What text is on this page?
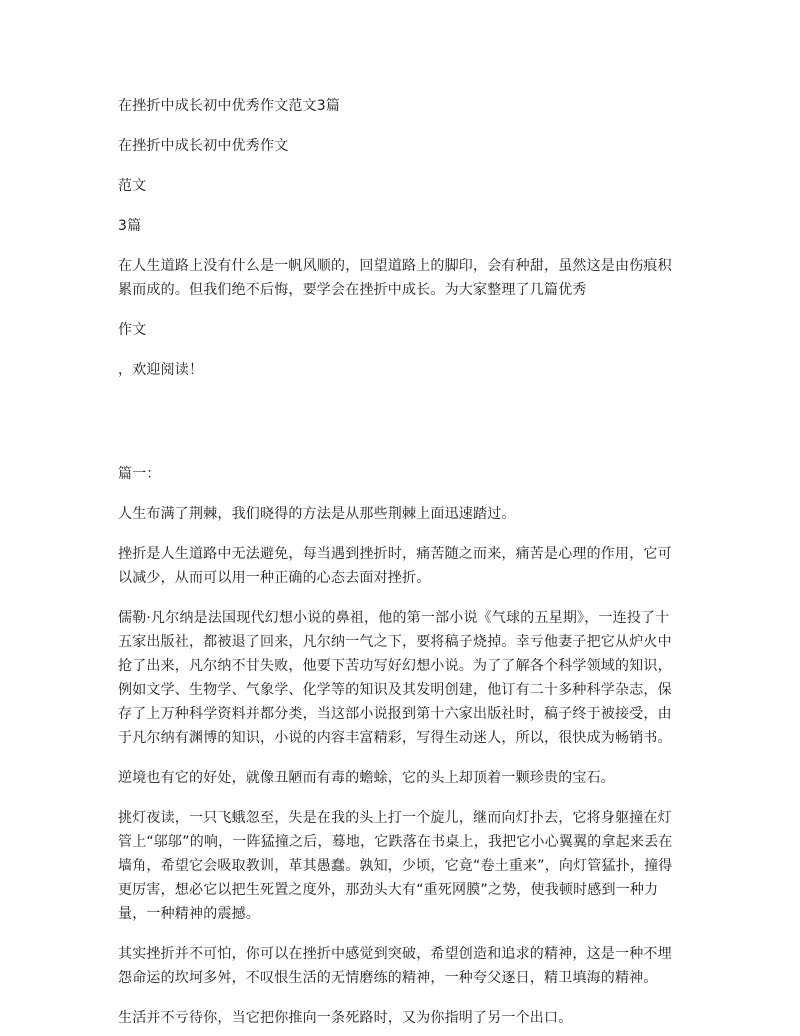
在挫折中成长初中优秀作文范文3篇

在挫折中成长初中优秀作文

范文

3篇

在人生道路上没有什么是一帆风顺的，回望道路上的脚印，会有种甜，虽然这是由伤痕积累而成的。但我们绝不后悔，要学会在挫折中成长。为大家整理了几篇优秀

作文

，欢迎阅读！

篇一：

人生布满了荆棘，我们晓得的方法是从那些荆棘上面迅速踏过。

挫折是人生道路中无法避免，每当遇到挫折时，痛苦随之而来，痛苦是心理的作用，它可以减少，从而可以用一种正确的心态去面对挫折。

儒勒·凡尔纳是法国现代幻想小说的鼻祖，他的第一部小说《气球的五星期》，一连投了十五家出版社，都被退了回来，凡尔纳一气之下，要将稿子烧掉。幸亏他妻子把它从炉火中抢了出来，凡尔纳不甘失败，他要下苦功写好幻想小说。为了了解各个科学领域的知识，例如文学、生物学、气象学、化学等的知识及其发明创建，他订有二十多种科学杂志，保存了上万种科学资料并都分类，当这部小说报到第十六家出版社时，稿子终于被接受，由于凡尔纳有渊博的知识，小说的内容丰富精彩，写得生动迷人，所以，很快成为畅销书。

逆境也有它的好处，就像丑陋而有毒的蟾蜍，它的头上却顶着一颗珍贵的宝石。

挑灯夜读，一只飞蛾忽至，失是在我的头上打一个旋儿，继而向灯扑去，它将身躯撞在灯管上“邬邬”的响，一阵猛撞之后，蓦地，它跌落在书桌上，我把它小心翼翼的拿起来丢在墙角，希望它会吸取教训，革其愚蠢。孰知，少顷，它竟“卷土重来”，向灯管猛扑，撞得更厉害，想必它以把生死置之度外，那劲头大有“重死网膜”之势，使我顿时感到一种力量，一种精神的震撼。

其实挫折并不可怕，你可以在挫折中感觉到突破，希望创造和追求的精神，这是一种不埋怨命运的坎坷多舛，不叹恨生活的无情磨练的精神，一种夸父逐日，精卫填海的精神。

生活并不亏待你，当它把你推向一条死路时，又为你指明了另一个出口。
